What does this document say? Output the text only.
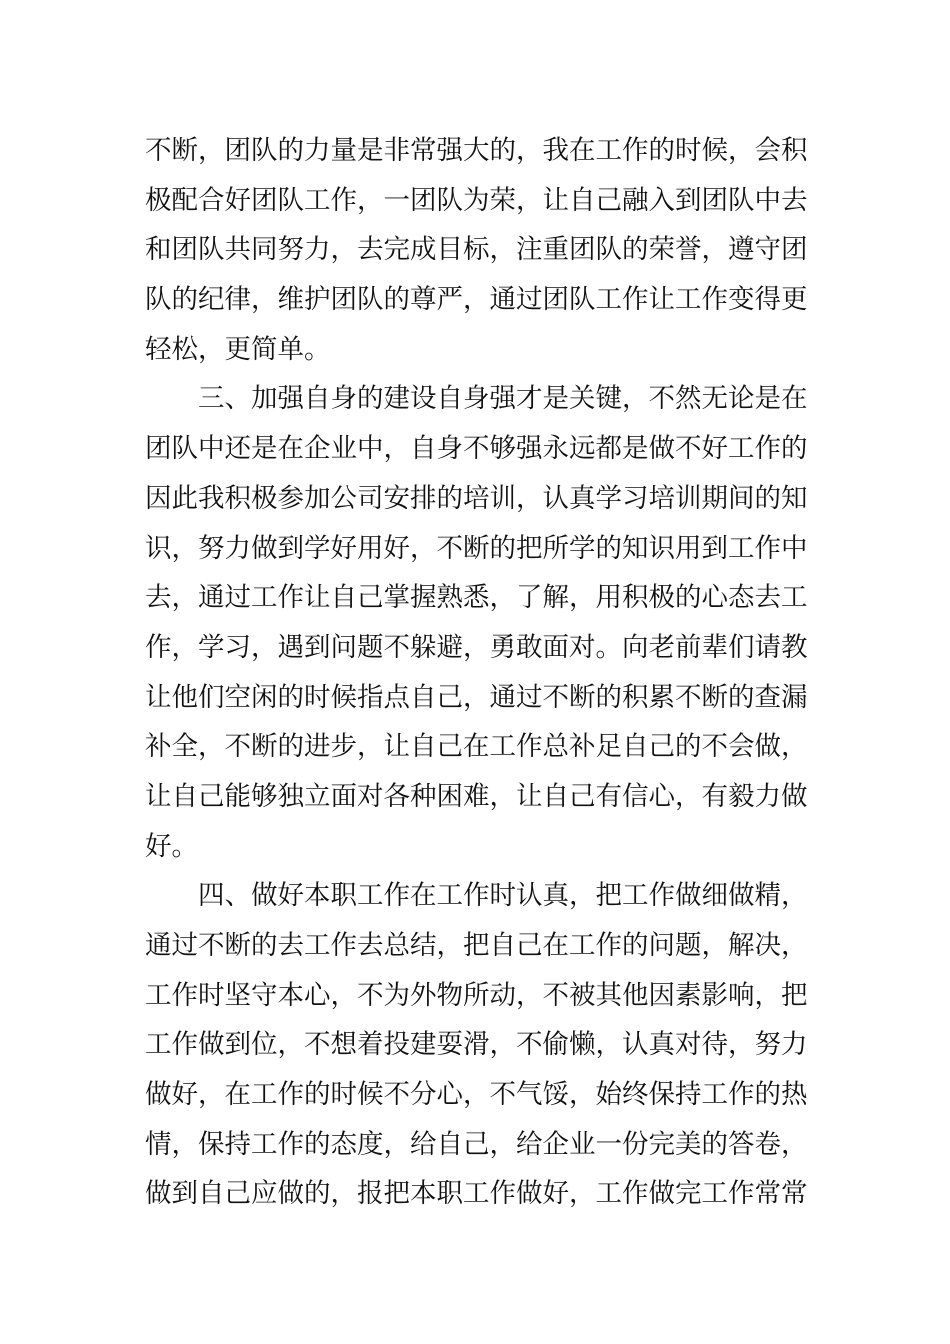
不断，团队的力量是非常强大的，我在工作的时候，会积
极配合好团队工作，一团队为荣，让自己融入到团队中去
和团队共同努力，去完成目标，注重团队的荣誉，遵守团
队的纪律，维护团队的尊严，通过团队工作让工作变得更
轻松，更简单。
三、加强自身的建设自身强才是关键，不然无论是在
团队中还是在企业中，自身不够强永远都是做不好工作的
因此我积极参加公司安排的培训，认真学习培训期间的知
识，努力做到学好用好，不断的把所学的知识用到工作中
去，通过工作让自己掌握熟悉，了解，用积极的心态去工
作，学习，遇到问题不躲避，勇敢面对。向老前辈们请教
让他们空闲的时候指点自己，通过不断的积累不断的查漏
补全，不断的进步，让自己在工作总补足自己的不会做，
让自己能够独立面对各种困难，让自己有信心，有毅力做
好。
四、做好本职工作在工作时认真，把工作做细做精，
通过不断的去工作去总结，把自己在工作的问题，解决，
工作时坚守本心，不为外物所动，不被其他因素影响，把
工作做到位，不想着投建耍滑，不偷懒，认真对待，努力
做好，在工作的时候不分心，不气馁，始终保持工作的热
情，保持工作的态度，给自己，给企业一份完美的答卷，
做到自己应做的，报把本职工作做好，工作做完工作常常
